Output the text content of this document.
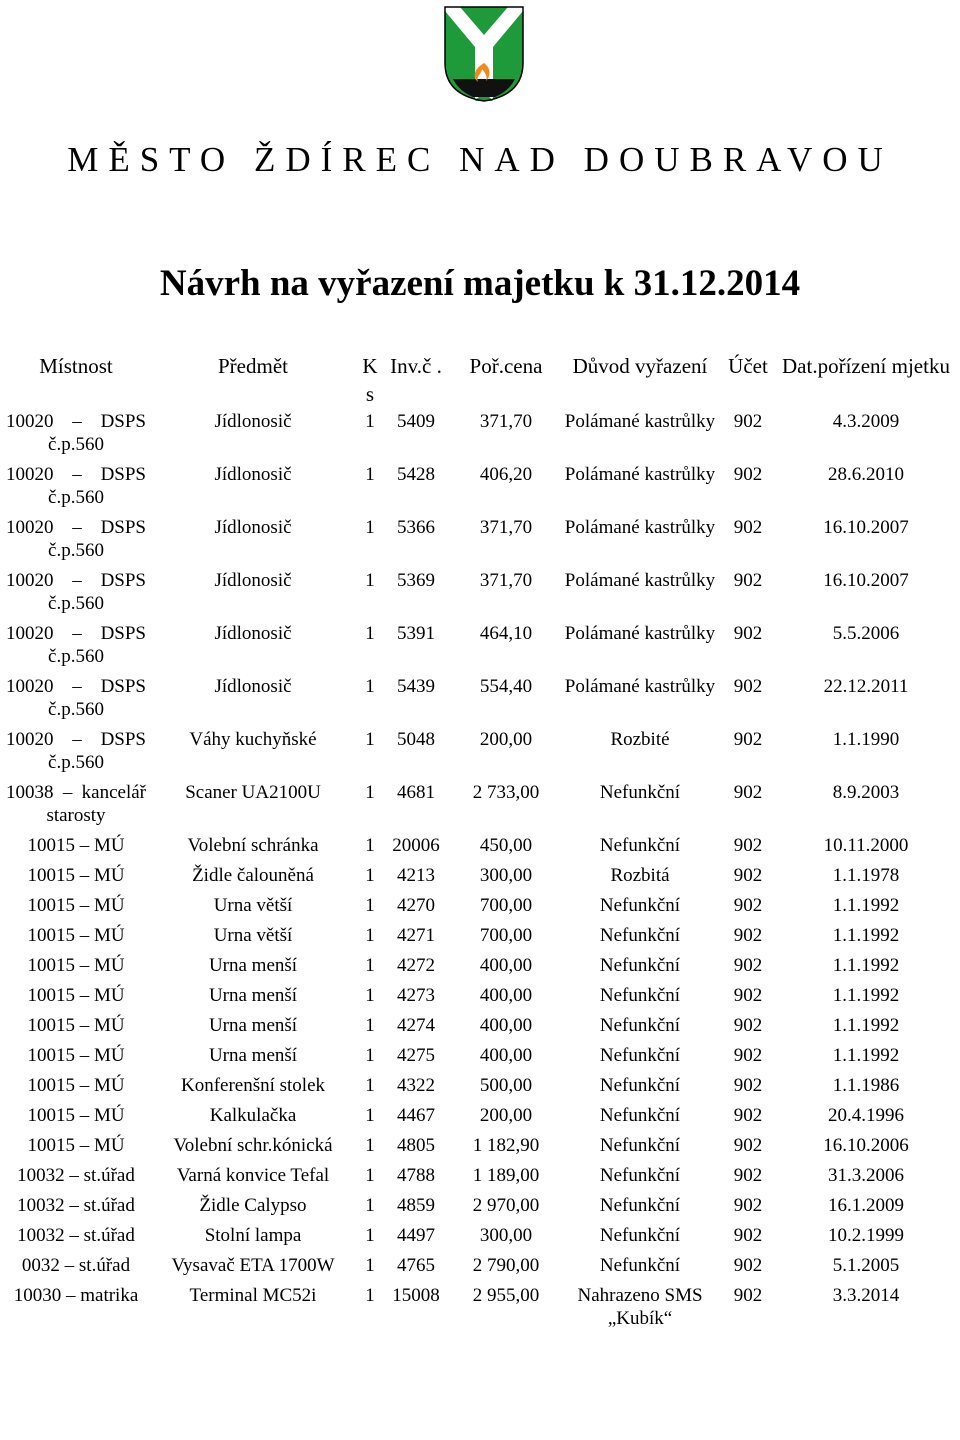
MĚSTO ŽDÍREC NAD DOUBRAVOU
Návrh na vyřazení majetku k 31.12.2014
Místnost	Předmět	K s	Inv.č .	Poř.cena	Důvod vyřazení	Účet	Dat.pořízení mjetku
10020 – DSPS č.p.560	Jídlonosič	1	5409	371,70	Polámané kastrůlky	902	4.3.2009
10020 – DSPS č.p.560	Jídlonosič	1	5428	406,20	Polámané kastrůlky	902	28.6.2010
10020 – DSPS č.p.560	Jídlonosič	1	5366	371,70	Polámané kastrůlky	902	16.10.2007
10020 – DSPS č.p.560	Jídlonosič	1	5369	371,70	Polámané kastrůlky	902	16.10.2007
10020 – DSPS č.p.560	Jídlonosič	1	5391	464,10	Polámané kastrůlky	902	5.5.2006
10020 – DSPS č.p.560	Jídlonosič	1	5439	554,40	Polámané kastrůlky	902	22.12.2011
10020 – DSPS č.p.560	Váhy kuchyňské	1	5048	200,00	Rozbité	902	1.1.1990
10038 – kancelář starosty	Scaner UA2100U	1	4681	2 733,00	Nefunkční	902	8.9.2003
10015 – MÚ	Volební schránka	1	20006	450,00	Nefunkční	902	10.11.2000
10015 – MÚ	Židle čalouněná	1	4213	300,00	Rozbitá	902	1.1.1978
10015 – MÚ	Urna větší	1	4270	700,00	Nefunkční	902	1.1.1992
10015 – MÚ	Urna větší	1	4271	700,00	Nefunkční	902	1.1.1992
10015 – MÚ	Urna menší	1	4272	400,00	Nefunkční	902	1.1.1992
10015 – MÚ	Urna menší	1	4273	400,00	Nefunkční	902	1.1.1992
10015 – MÚ	Urna menší	1	4274	400,00	Nefunkční	902	1.1.1992
10015 – MÚ	Urna menší	1	4275	400,00	Nefunkční	902	1.1.1992
10015 – MÚ	Konferenšní stolek	1	4322	500,00	Nefunkční	902	1.1.1986
10015 – MÚ	Kalkulačka	1	4467	200,00	Nefunkční	902	20.4.1996
10015 – MÚ	Volební schr.kónická	1	4805	1 182,90	Nefunkční	902	16.10.2006
10032 – st.úřad	Varná konvice Tefal	1	4788	1 189,00	Nefunkční	902	31.3.2006
10032 – st.úřad	Židle Calypso	1	4859	2 970,00	Nefunkční	902	16.1.2009
10032 – st.úřad	Stolní lampa	1	4497	300,00	Nefunkční	902	10.2.1999
0032 – st.úřad	Vysavač ETA 1700W	1	4765	2 790,00	Nefunkční	902	5.1.2005
10030 – matrika	Terminal MC52i	1	15008	2 955,00	Nahrazeno SMS „Kubík“	902	3.3.2014
